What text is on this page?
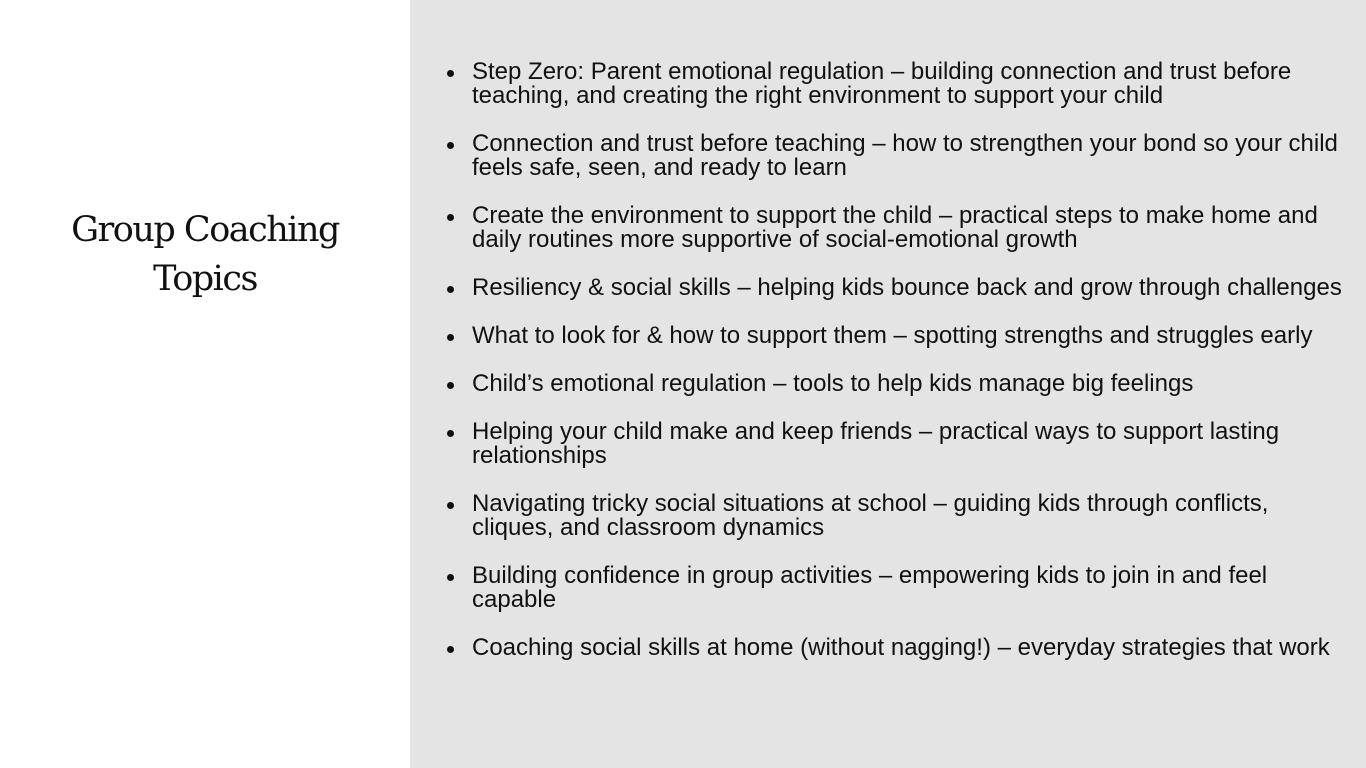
Group Coaching
Topics
Step Zero: Parent emotional regulation – building connection and trust before teaching, and creating the right environment to support your child
Connection and trust before teaching – how to strengthen your bond so your child feels safe, seen, and ready to learn
Create the environment to support the child – practical steps to make home and daily routines more supportive of social-emotional growth
Resiliency & social skills – helping kids bounce back and grow through challenges
What to look for & how to support them – spotting strengths and struggles early
Child’s emotional regulation – tools to help kids manage big feelings
Helping your child make and keep friends – practical ways to support lasting relationships
Navigating tricky social situations at school – guiding kids through conflicts, cliques, and classroom dynamics
Building confidence in group activities – empowering kids to join in and feel capable
Coaching social skills at home (without nagging!) – everyday strategies that work
